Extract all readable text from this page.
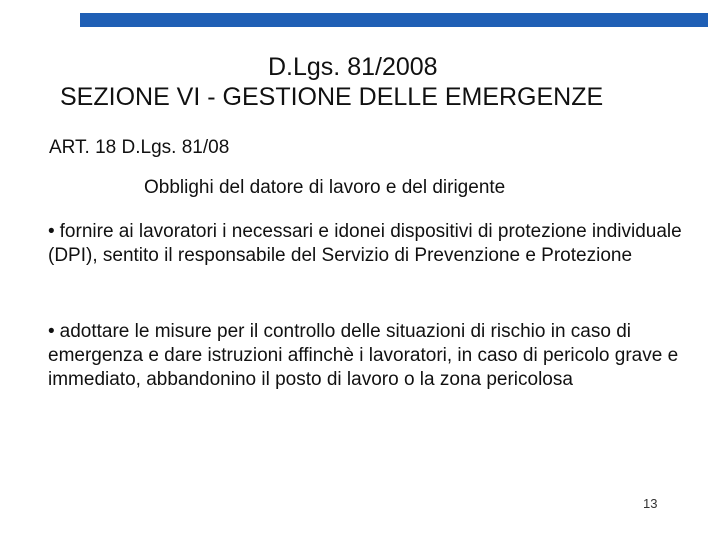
D.Lgs. 81/2008
SEZIONE VI - GESTIONE DELLE EMERGENZE
ART. 18 D.Lgs. 81/08
Obblighi del datore di lavoro e del dirigente
• fornire ai lavoratori i necessari e idonei dispositivi di protezione individuale (DPI), sentito il responsabile del Servizio di Prevenzione e Protezione
• adottare le misure per il controllo delle situazioni di rischio in caso di emergenza e dare istruzioni affinchè i lavoratori, in caso di pericolo grave e immediato, abbandonino il posto di lavoro o la zona pericolosa
13
